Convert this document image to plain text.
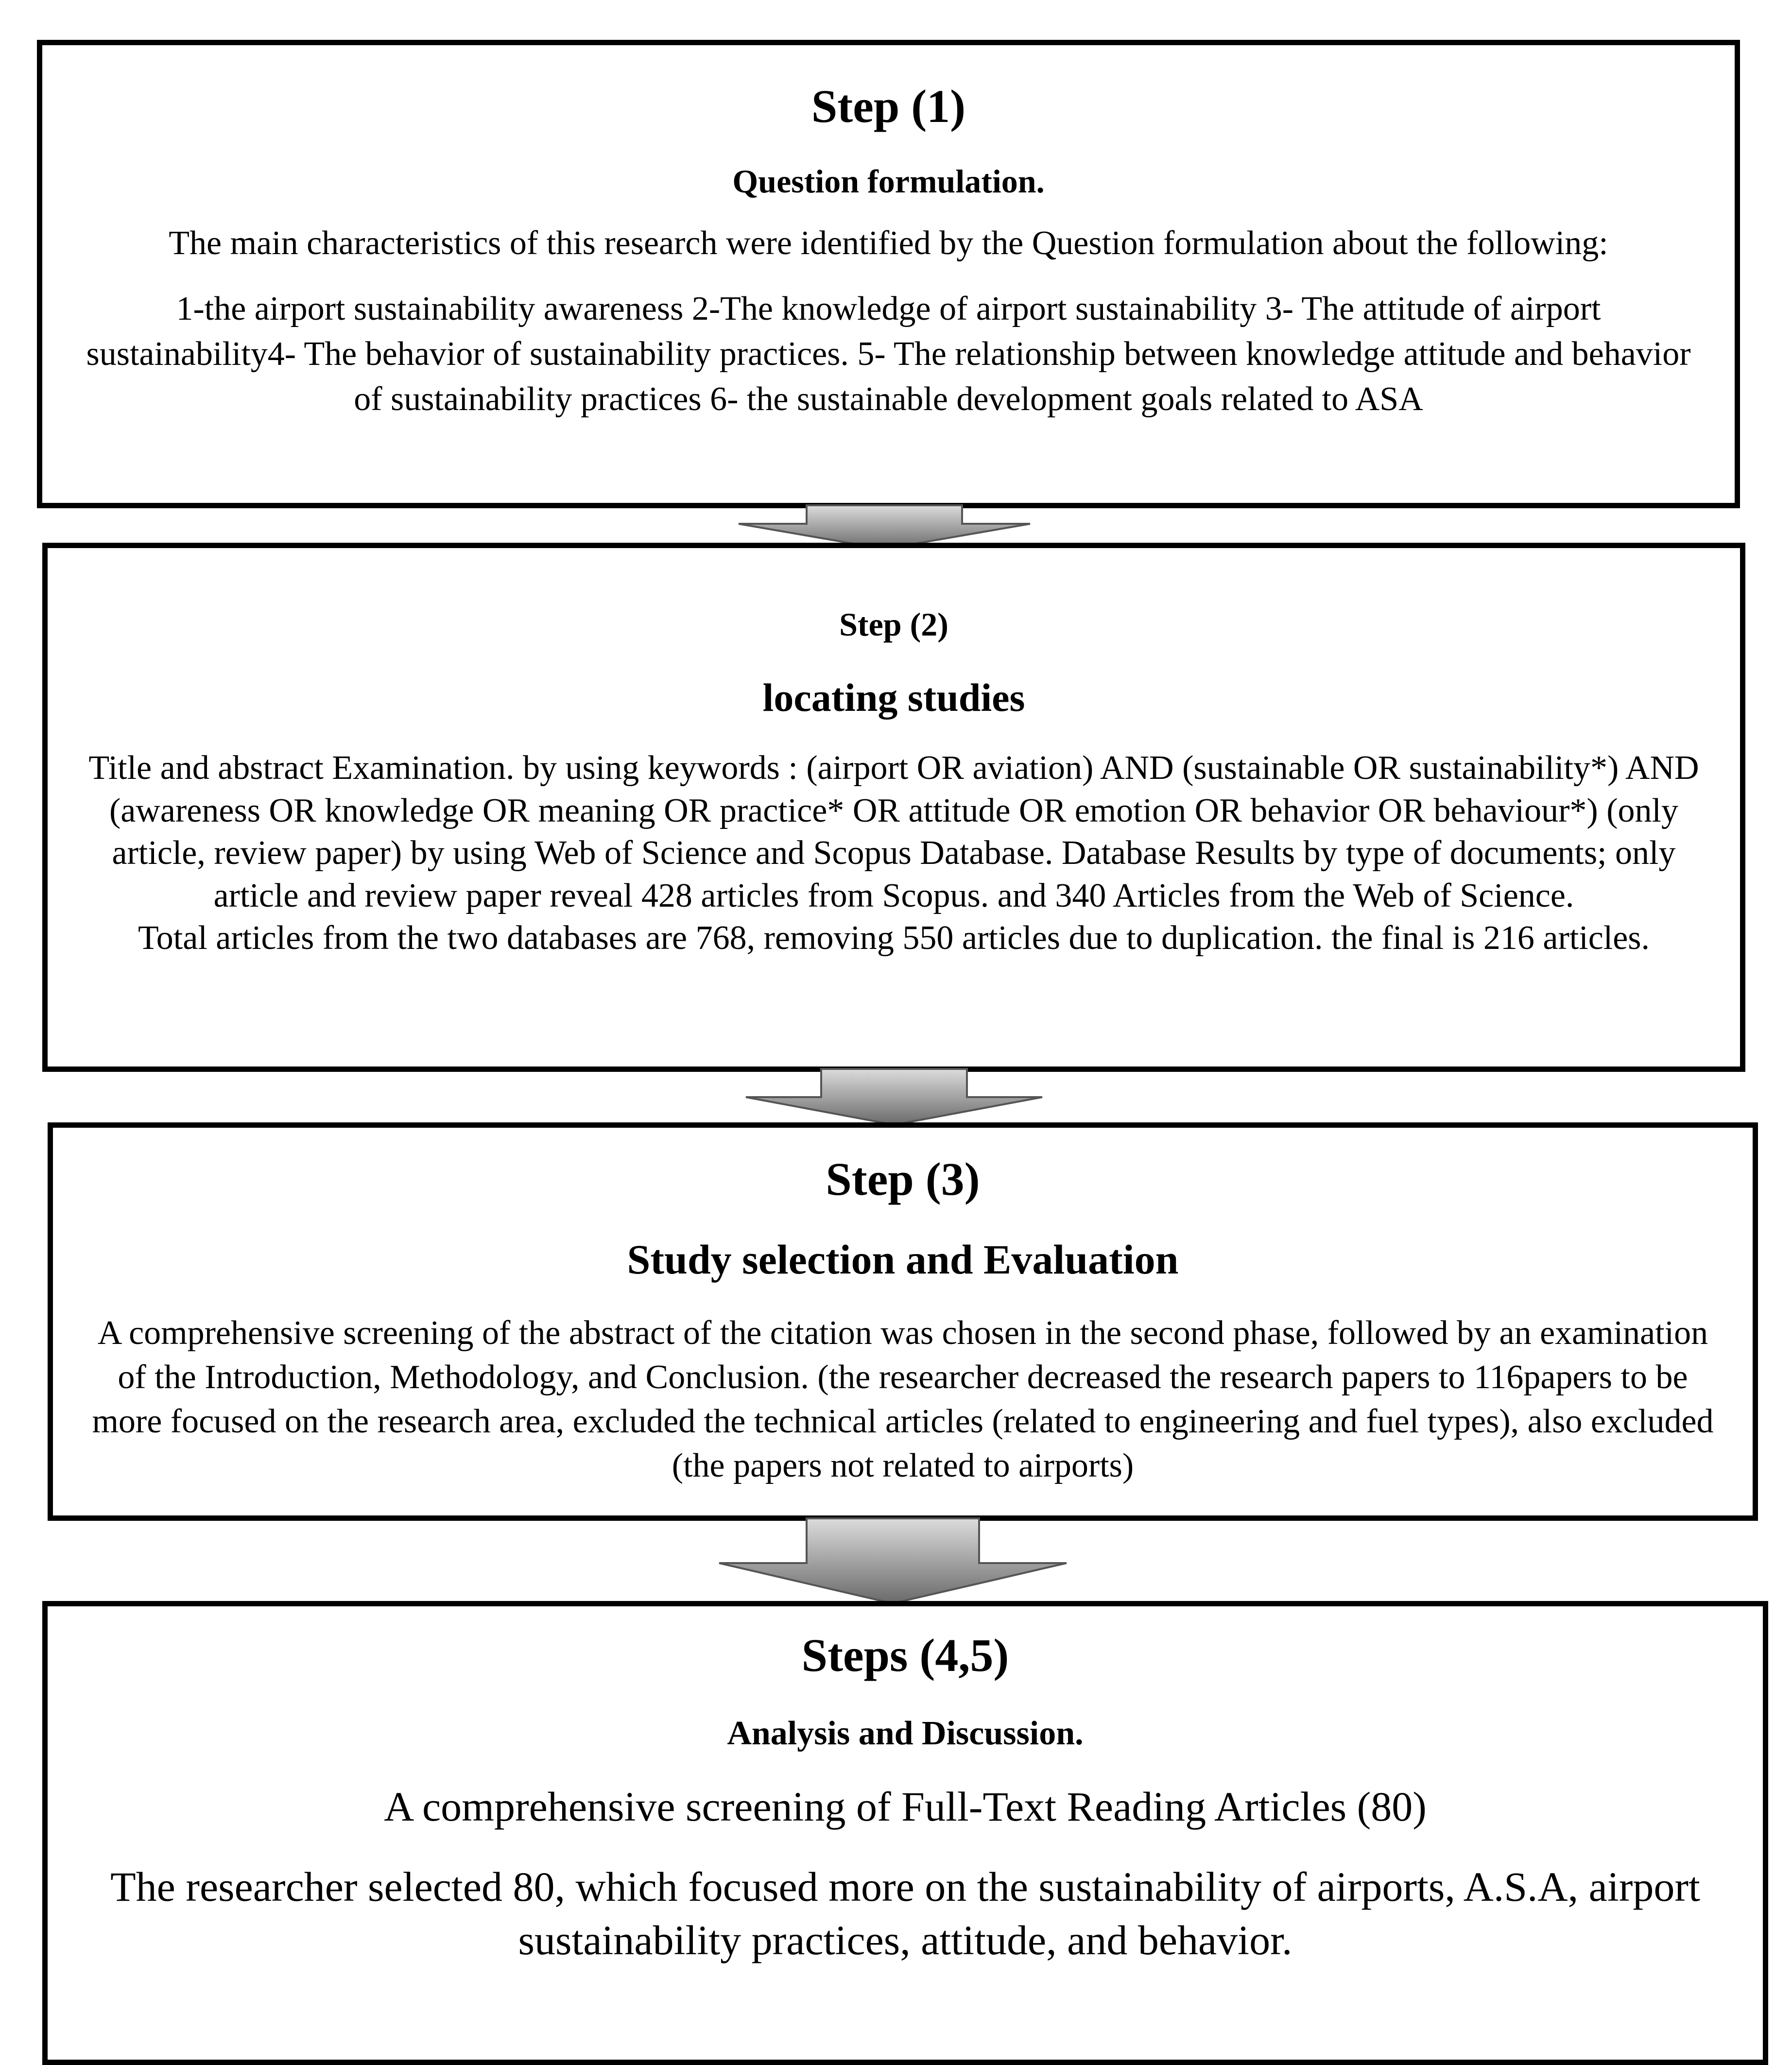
Step (1)

Question formulation.

The main characteristics of this research were identified by the Question formulation about the following:

1-the airport sustainability awareness 2-The knowledge of airport sustainability 3- The attitude of airport sustainability4- The behavior of sustainability practices. 5- The relationship between knowledge attitude and behavior of sustainability practices 6- the sustainable development goals related to ASA

Step (2)

locating studies

Title and abstract Examination. by using keywords : (airport OR aviation) AND (sustainable OR sustainability*) AND (awareness OR knowledge OR meaning OR practice* OR attitude OR emotion OR behavior OR behaviour*) (only article, review paper) by using Web of Science and Scopus Database. Database Results by type of documents; only article and review paper reveal 428 articles from Scopus. and 340 Articles from the Web of Science.
Total articles from the two databases are 768, removing 550 articles due to duplication. the final is 216 articles.

Step (3)

Study selection and Evaluation

A comprehensive screening of the abstract of the citation was chosen in the second phase, followed by an examination of the Introduction, Methodology, and Conclusion. (the researcher decreased the research papers to 116papers to be more focused on the research area, excluded the technical articles (related to engineering and fuel types), also excluded (the papers not related to airports)

Steps (4,5)

Analysis and Discussion.

A comprehensive screening of Full-Text Reading Articles (80)

The researcher selected 80, which focused more on the sustainability of airports, A.S.A, airport sustainability practices, attitude, and behavior.
